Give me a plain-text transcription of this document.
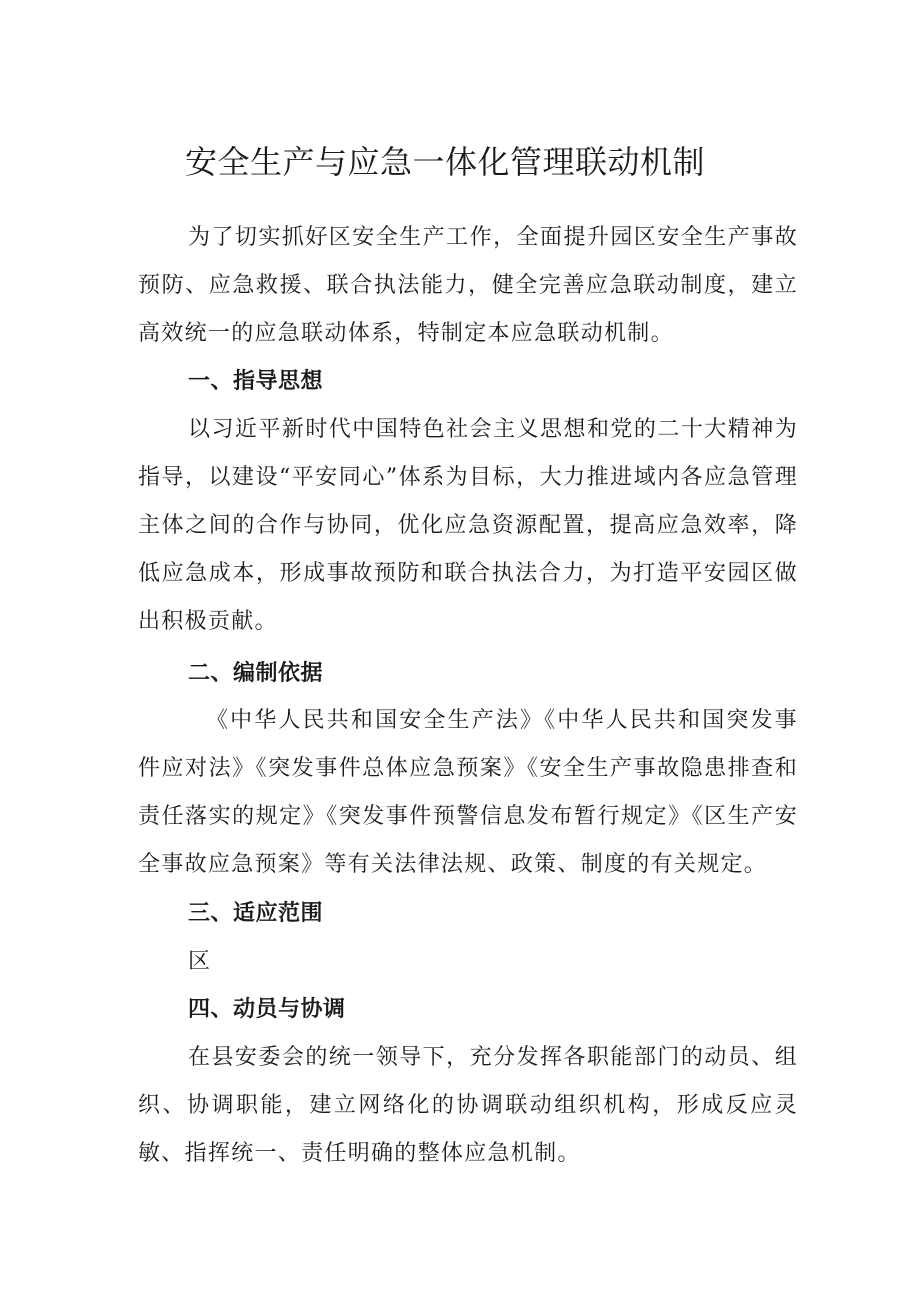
安全生产与应急一体化管理联动机制

为了切实抓好区安全生产工作，全面提升园区安全生产事故预防、应急救援、联合执法能力，健全完善应急联动制度，建立高效统一的应急联动体系，特制定本应急联动机制。

一、指导思想

以习近平新时代中国特色社会主义思想和党的二十大精神为指导，以建设“平安同心”体系为目标，大力推进域内各应急管理主体之间的合作与协同，优化应急资源配置，提高应急效率，降低应急成本，形成事故预防和联合执法合力，为打造平安园区做出积极贡献。

二、编制依据

《中华人民共和国安全生产法》《中华人民共和国突发事件应对法》《突发事件总体应急预案》《安全生产事故隐患排查和责任落实的规定》《突发事件预警信息发布暂行规定》《区生产安全事故应急预案》等有关法律法规、政策、制度的有关规定。

三、适应范围

区

四、动员与协调

在县安委会的统一领导下，充分发挥各职能部门的动员、组织、协调职能，建立网络化的协调联动组织机构，形成反应灵敏、指挥统一、责任明确的整体应急机制。
